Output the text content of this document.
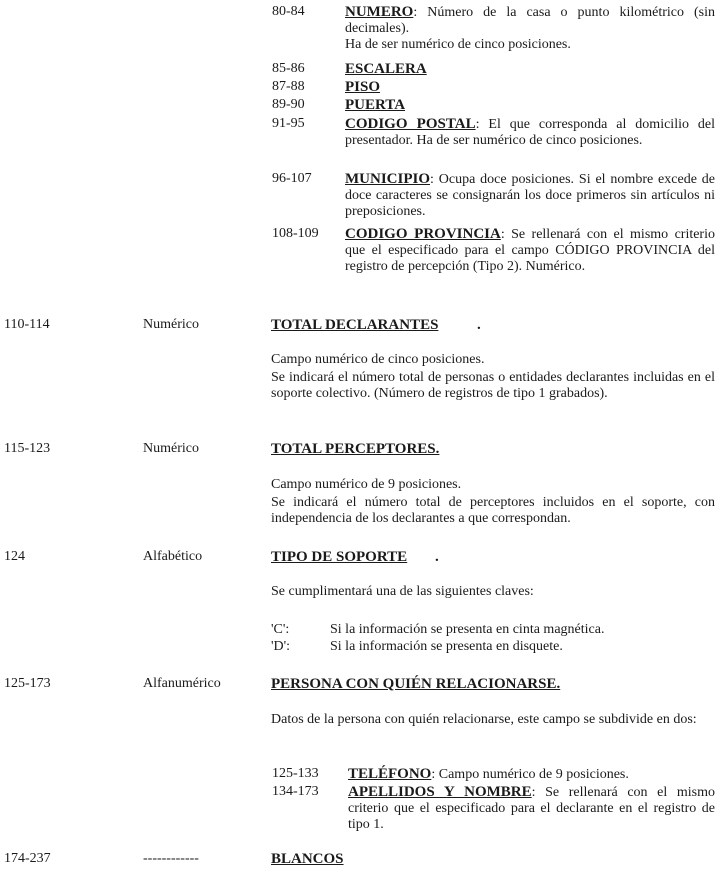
80-84	NUMERO: Número de la casa o punto kilométrico (sin decimales).
Ha de ser numérico de cinco posiciones.
85-86	ESCALERA
87-88	PISO
89-90	PUERTA
91-95	CODIGO POSTAL: El que corresponda al domicilio del presentador. Ha de ser numérico de cinco posiciones.
96-107 MUNICIPIO: Ocupa doce posiciones. Si el nombre excede de doce caracteres se consignarán los doce primeros sin artículos ni preposiciones.
108-109 CODIGO PROVINCIA: Se rellenará con el mismo criterio que el especificado para el campo CÓDIGO PROVINCIA del registro de percepción (Tipo 2). Numérico.
110-114	Numérico	TOTAL DECLARANTES	.
Campo numérico de cinco posiciones.
Se indicará el número total de personas o entidades declarantes incluidas en el soporte colectivo. (Número de registros de tipo 1 grabados).
115-123	Numérico	TOTAL PERCEPTORES.
Campo numérico de 9 posiciones.
Se indicará el número total de perceptores incluidos en el soporte, con independencia de los declarantes a que correspondan.
124	Alfabético	TIPO DE SOPORTE .
Se cumplimentará una de las siguientes claves:
'C':	Si la información se presenta en cinta magnética.
'D':	Si la información se presenta en disquete.
125-173	Alfanumérico	PERSONA CON QUIÉN RELACIONARSE.
Datos de la persona con quién relacionarse, este campo se subdivide en dos:
125-133 TELÉFONO: Campo numérico de 9 posiciones.
134-173 APELLIDOS Y NOMBRE: Se rellenará con el mismo criterio que el especificado para el declarante en el registro de tipo 1.
174-237	------------	BLANCOS
